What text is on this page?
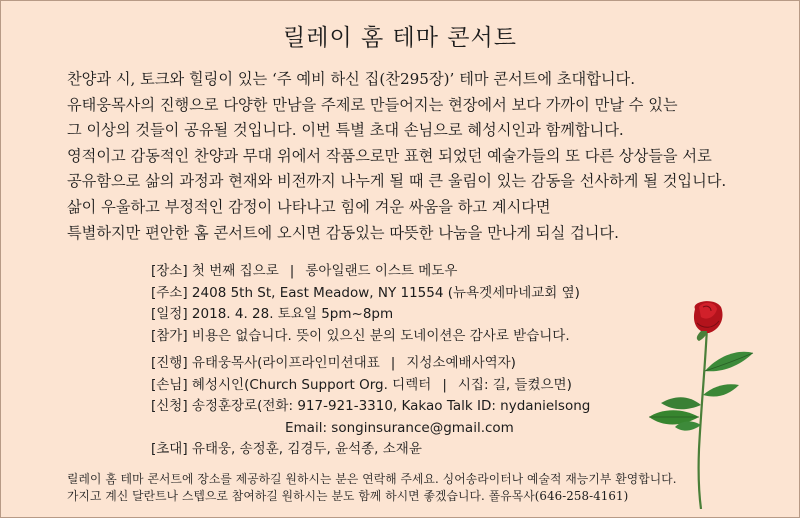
릴레이 홈 테마 콘서트
찬양과 시, 토크와 힐링이 있는 ‘주 예비 하신 집(찬295장)’ 테마 콘서트에 초대합니다.
유태웅목사의 진행으로 다양한 만남을 주제로 만들어지는 현장에서 보다 가까이 만날 수 있는
그 이상의 것들이 공유될 것입니다. 이번 특별 초대 손님으로 혜성시인과 함께합니다.
영적이고 감동적인 찬양과 무대 위에서 작품으로만 표현 되었던 예술가들의 또 다른 상상들을 서로
공유함으로 삶의 과정과 현재와 비전까지 나누게 될 때 큰 울림이 있는 감동을 선사하게 될 것입니다.
삶이 우울하고 부정적인 감정이 나타나고 힘에 겨운 싸움을 하고 계시다면
특별하지만 편안한 홈 콘서트에 오시면 감동있는 따뜻한 나눔을 만나게 되실 겁니다.
[장소] 첫 번째 집으로 | 롱아일랜드 이스트 메도우
[주소] 2408 5th St, East Meadow, NY 11554 (뉴욕겟세마네교회 옆)
[일정] 2018. 4. 28. 토요일 5pm~8pm
[참가] 비용은 없습니다. 뜻이 있으신 분의 도네이션은 감사로 받습니다.
[진행] 유태웅목사(라이프라인미션대표 | 지성소예배사역자)
[손님] 혜성시인(Church Support Org. 디렉터 | 시집: 길, 들켰으면)
[신청] 송정훈장로(전화: 917-921-3310, Kakao Talk ID: nydanielsong
Email: songinsurance@gmail.com
[초대] 유태웅, 송정훈, 김경두, 윤석종, 소재윤
릴레이 홈 테마 콘서트에 장소를 제공하길 원하시는 분은 연락해 주세요. 싱어송라이터나 예술적 재능기부 환영합니다.
가지고 계신 달란트나 스텝으로 참여하길 원하시는 분도 함께 하시면 좋겠습니다. 폴유목사(646-258-4161)
